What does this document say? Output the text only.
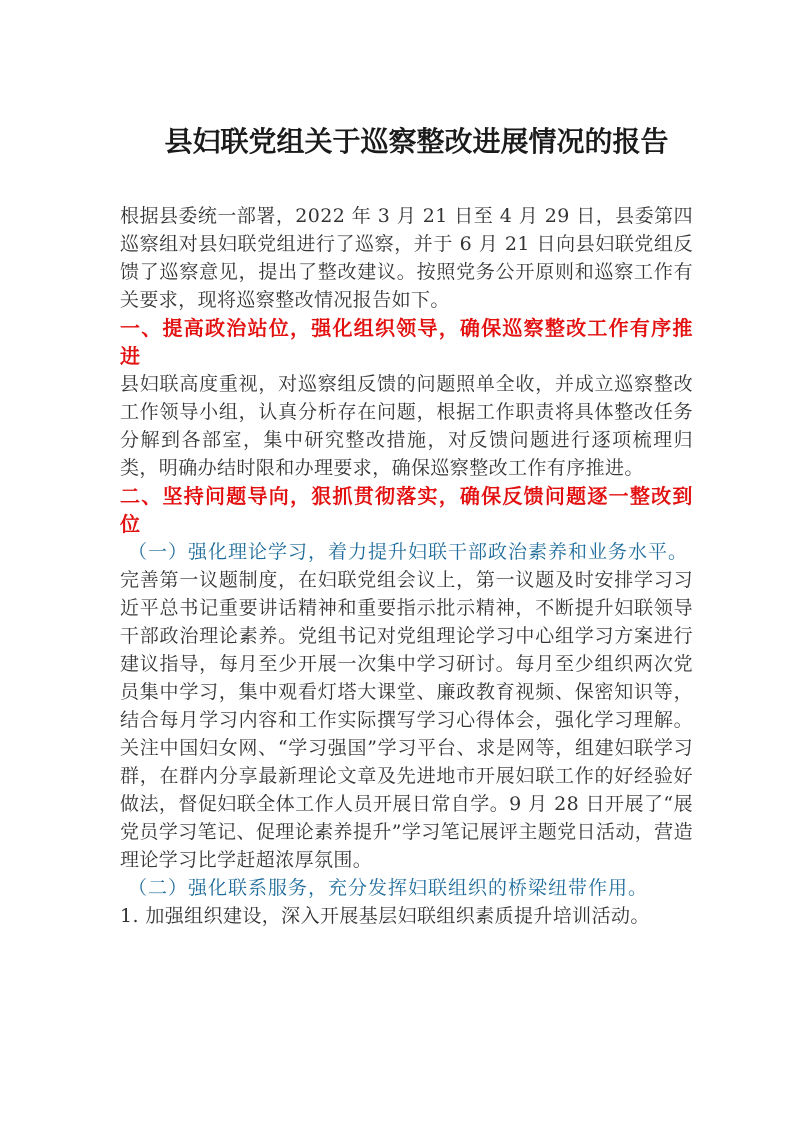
县妇联党组关于巡察整改进展情况的报告

根据县委统一部署，2022 年 3 月 21 日至 4 月 29 日，县委第四巡察组对县妇联党组进行了巡察，并于 6 月 21 日向县妇联党组反馈了巡察意见，提出了整改建议。按照党务公开原则和巡察工作有关要求，现将巡察整改情况报告如下。

一、提高政治站位，强化组织领导，确保巡察整改工作有序推进

县妇联高度重视，对巡察组反馈的问题照单全收，并成立巡察整改工作领导小组，认真分析存在问题，根据工作职责将具体整改任务分解到各部室，集中研究整改措施，对反馈问题进行逐项梳理归类，明确办结时限和办理要求，确保巡察整改工作有序推进。

二、坚持问题导向，狠抓贯彻落实，确保反馈问题逐一整改到位

（一）强化理论学习，着力提升妇联干部政治素养和业务水平。

完善第一议题制度，在妇联党组会议上，第一议题及时安排学习习近平总书记重要讲话精神和重要指示批示精神，不断提升妇联领导干部政治理论素养。党组书记对党组理论学习中心组学习方案进行建议指导，每月至少开展一次集中学习研讨。每月至少组织两次党员集中学习，集中观看灯塔大课堂、廉政教育视频、保密知识等，结合每月学习内容和工作实际撰写学习心得体会，强化学习理解。关注中国妇女网、“学习强国”学习平台、求是网等，组建妇联学习群，在群内分享最新理论文章及先进地市开展妇联工作的好经验好做法，督促妇联全体工作人员开展日常自学。9 月 28 日开展了“展党员学习笔记、促理论素养提升”学习笔记展评主题党日活动，营造理论学习比学赶超浓厚氛围。

（二）强化联系服务，充分发挥妇联组织的桥梁纽带作用。

1. 加强组织建设，深入开展基层妇联组织素质提升培训活动。
